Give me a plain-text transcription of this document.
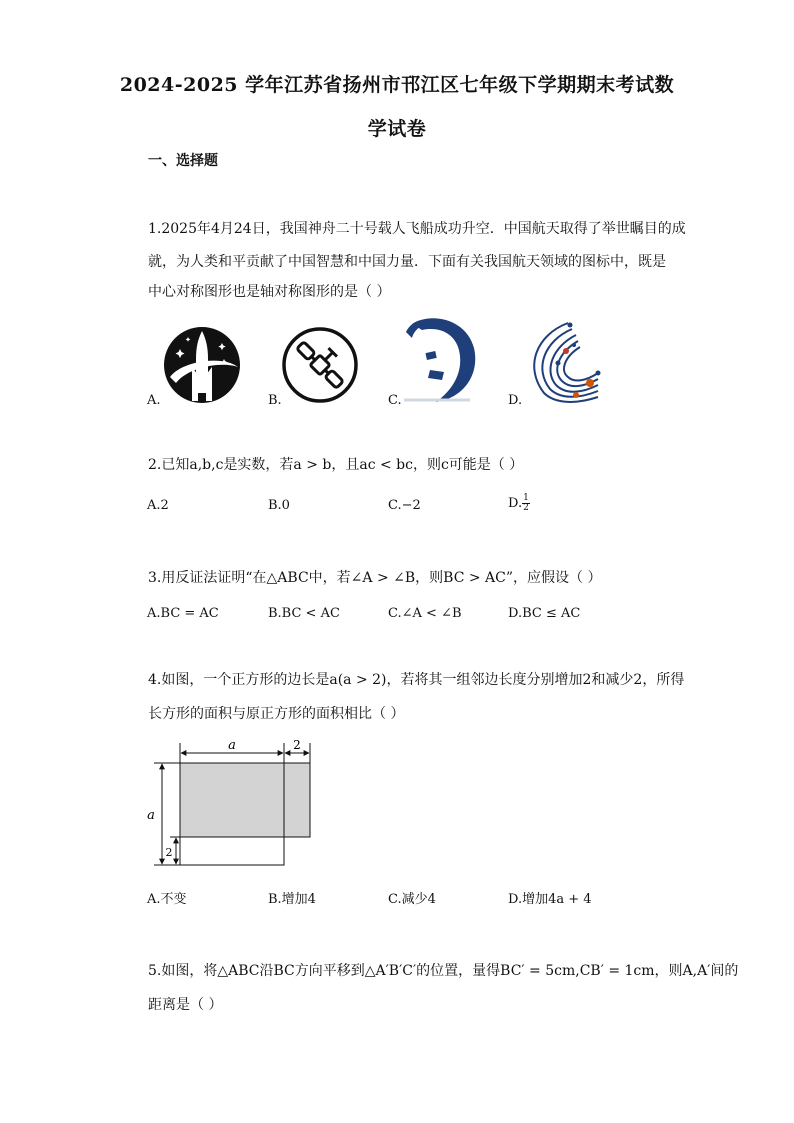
2024-2025 学年江苏省扬州市邗江区七年级下学期期末考试数
学试卷
一、选择题
1.2025年4月24日，我国神舟二十号载人飞船成功升空．中国航天取得了举世瞩目的成
就，为人类和平贡献了中国智慧和中国力量．下面有关我国航天领域的图标中，既是
中心对称图形也是轴对称图形的是（ ）
A.	B.	C.	D.
2.已知a,b,c是实数，若a > b，且ac < bc，则c可能是（ ）
A.2	B.0	C.−2	D. $\frac{1}{2}$
3.用反证法证明“在△ABC中，若∠A > ∠B，则BC > AC”，应假设（ ）
A.BC = AC	B.BC < AC	C.∠A < ∠B	D.BC ≤ AC
4.如图，一个正方形的边长是a(a > 2)，若将其一组邻边长度分别增加2和减少2，所得
长方形的面积与原正方形的面积相比（ ）
a	2
a
2
A.不变	B.增加4	C.减少4	D.增加4a + 4
5.如图，将△ABC沿BC方向平移到△A′B′C′的位置，量得BC′ = 5cm,CB′ = 1cm，则A,A′间的
距离是（ ）
